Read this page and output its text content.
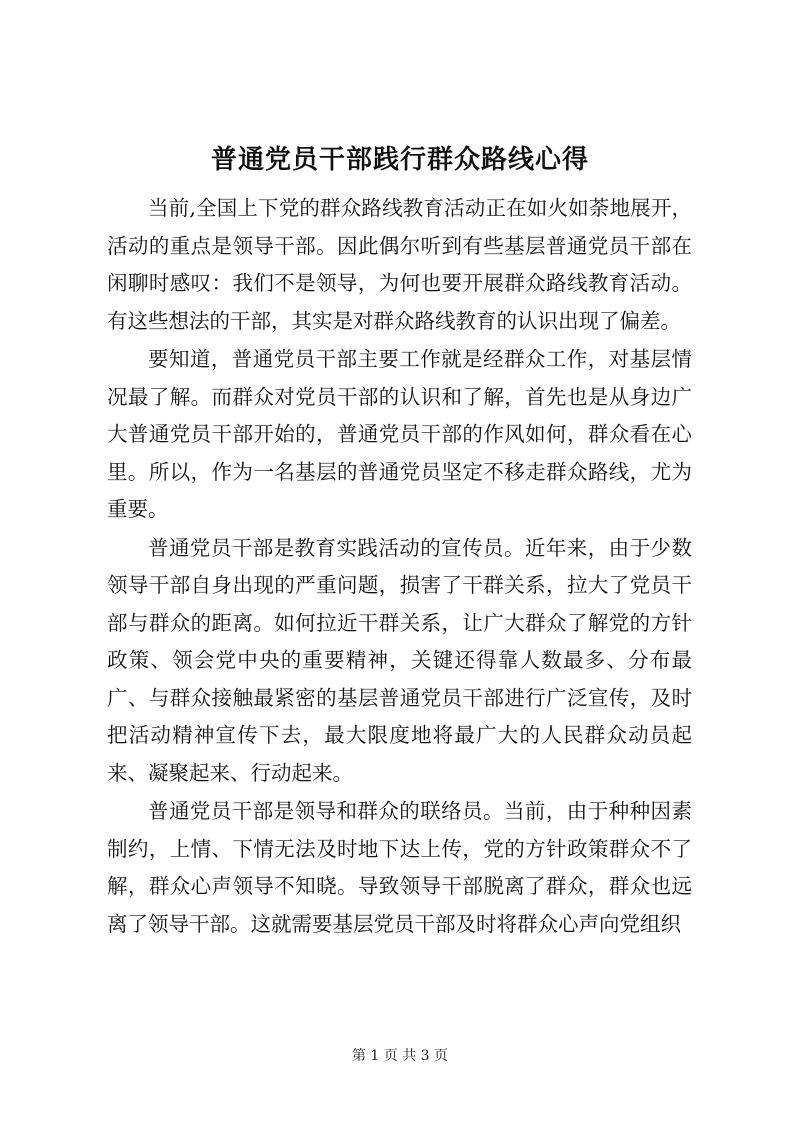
普通党员干部践行群众路线心得

当前,全国上下党的群众路线教育活动正在如火如荼地展开，活动的重点是领导干部。因此偶尔听到有些基层普通党员干部在闲聊时感叹：我们不是领导，为何也要开展群众路线教育活动。有这些想法的干部，其实是对群众路线教育的认识出现了偏差。

要知道，普通党员干部主要工作就是经群众工作，对基层情况最了解。而群众对党员干部的认识和了解，首先也是从身边广大普通党员干部开始的，普通党员干部的作风如何，群众看在心里。所以，作为一名基层的普通党员坚定不移走群众路线，尤为重要。

普通党员干部是教育实践活动的宣传员。近年来，由于少数领导干部自身出现的严重问题，损害了干群关系，拉大了党员干部与群众的距离。如何拉近干群关系，让广大群众了解党的方针政策、领会党中央的重要精神，关键还得靠人数最多、分布最广、与群众接触最紧密的基层普通党员干部进行广泛宣传，及时把活动精神宣传下去，最大限度地将最广大的人民群众动员起来、凝聚起来、行动起来。

普通党员干部是领导和群众的联络员。当前，由于种种因素制约，上情、下情无法及时地下达上传，党的方针政策群众不了解，群众心声领导不知晓。导致领导干部脱离了群众，群众也远离了领导干部。这就需要基层党员干部及时将群众心声向党组织

第 1 页 共 3 页
